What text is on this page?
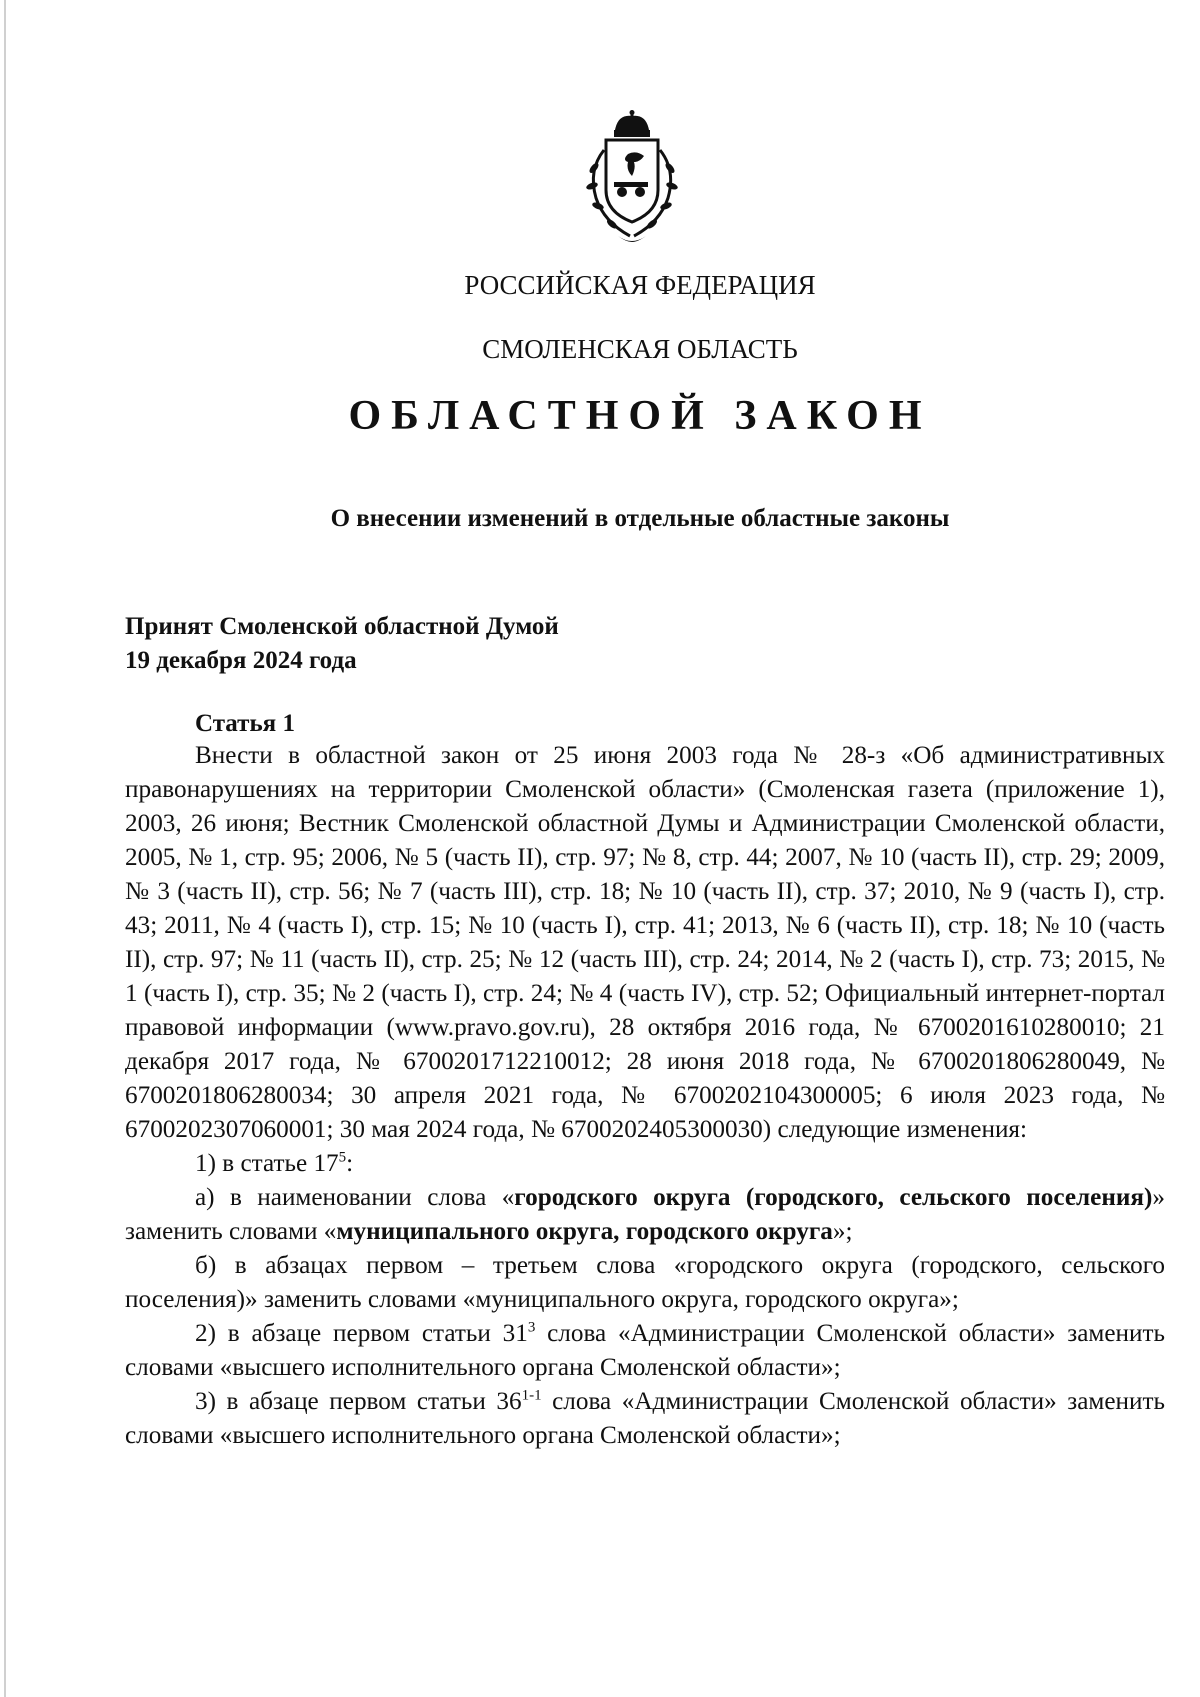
РОССИЙСКАЯ ФЕДЕРАЦИЯ
СМОЛЕНСКАЯ ОБЛАСТЬ
ОБЛАСТНОЙ ЗАКОН
О внесении изменений в отдельные областные законы
Принят Смоленской областной Думой
19 декабря 2024 года
Статья 1

Внести в областной закон от 25 июня 2003 года № 28-з «Об административных правонарушениях на территории Смоленской области» (Смоленская газета (приложение 1), 2003, 26 июня; Вестник Смоленской областной Думы и Администрации Смоленской области, 2005, № 1, стр. 95; 2006, № 5 (часть II), стр. 97; № 8, стр. 44; 2007, № 10 (часть II), стр. 29; 2009, № 3 (часть II), стр. 56; № 7 (часть III), стр. 18; № 10 (часть II), стр. 37; 2010, № 9 (часть I), стр. 43; 2011, № 4 (часть I), стр. 15; № 10 (часть I), стр. 41; 2013, № 6 (часть II), стр. 18; № 10 (часть II), стр. 97; № 11 (часть II), стр. 25; № 12 (часть III), стр. 24; 2014, № 2 (часть I), стр. 73; 2015, № 1 (часть I), стр. 35; № 2 (часть I), стр. 24; № 4 (часть IV), стр. 52; Официальный интернет-портал правовой информации (www.pravo.gov.ru), 28 октября 2016 года, № 6700201610280010; 21 декабря 2017 года, № 6700201712210012; 28 июня 2018 года, № 6700201806280049, № 6700201806280034; 30 апреля 2021 года, № 6700202104300005; 6 июля 2023 года, № 6700202307060001; 30 мая 2024 года, № 6700202405300030) следующие изменения:

1) в статье $17^5$:

а) в наименовании слова «городского округа (городского, сельского поселения)» заменить словами «муниципального округа, городского округа»;

б) в абзацах первом – третьем слова «городского округа (городского, сельского поселения)» заменить словами «муниципального округа, городского округа»;

2) в абзаце первом статьи $31^3$ слова «Администрации Смоленской области» заменить словами «высшего исполнительного органа Смоленской области»;

3) в абзаце первом статьи 36$^{1-1}$ слова «Администрации Смоленской области» заменить словами «высшего исполнительного органа Смоленской области»;
